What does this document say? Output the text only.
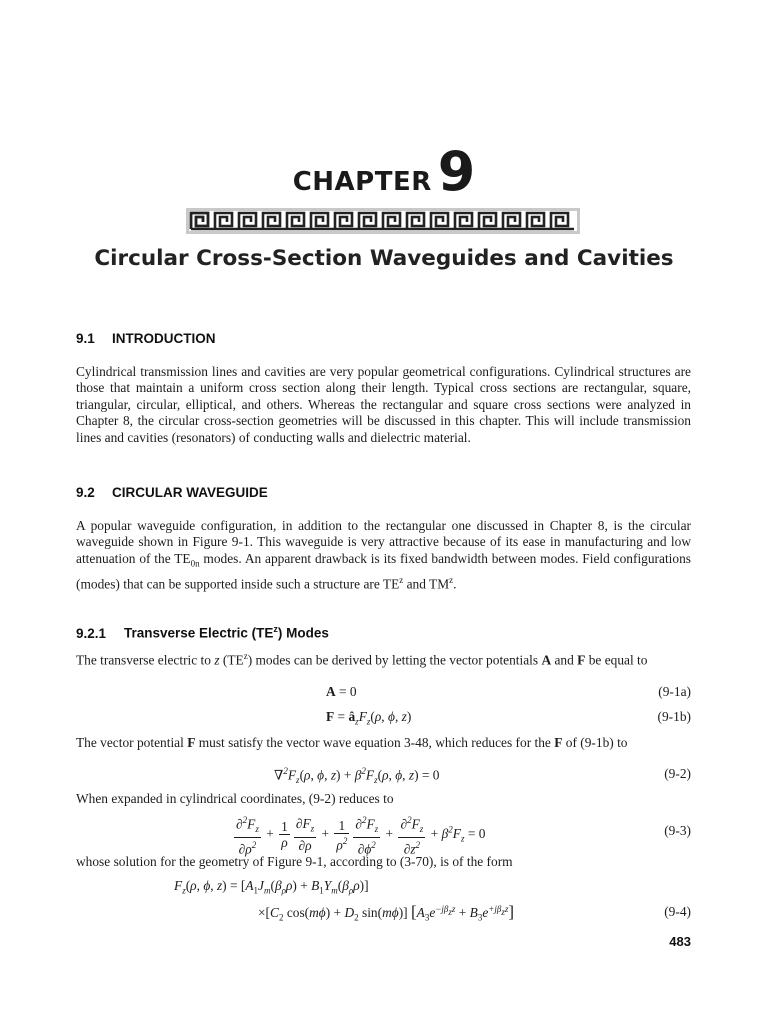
CHAPTER 9
Circular Cross-Section Waveguides and Cavities
9.1 INTRODUCTION
Cylindrical transmission lines and cavities are very popular geometrical configurations. Cylindrical structures are those that maintain a uniform cross section along their length. Typical cross sections are rectangular, square, triangular, circular, elliptical, and others. Whereas the rectangular and square cross sections were analyzed in Chapter 8, the circular cross-section geometries will be discussed in this chapter. This will include transmission lines and cavities (resonators) of conducting walls and dielectric material.
9.2 CIRCULAR WAVEGUIDE
A popular waveguide configuration, in addition to the rectangular one discussed in Chapter 8, is the circular waveguide shown in Figure 9-1. This waveguide is very attractive because of its ease in manufacturing and low attenuation of the $TE_{0n}$ modes. An apparent drawback is its fixed bandwidth between modes. Field configurations (modes) that can be supported inside such a structure are $TE^z$ and $TM^z$.
9.2.1 Transverse Electric $(TE^z)$ Modes
The transverse electric to z $(TE^z)$ modes can be derived by letting the vector potentials A and F be equal to
A = 0	(9-1a)
$F = â_zF_z(\rho$, ϕ, z)	(9-1b)
The vector potential F must satisfy the vector wave equation 3-48, which reduces for the F of (9-1b) to
$\nabla^2F_z(\rho$, ϕ, $z) + \beta^2F_z(\rho$, ϕ, z) = 0	(9-2)
When expanded in cylindrical coordinates, (9-2) reduces to
$\frac{\partial^2F_z}{\partial\rho^2} + \frac{1}{\rho} \frac{\partial F_z}{\partial\rho} + \frac{1}{\rho^2} \frac{\partial^2F_z}{\partial\phi^2} + \frac{\partial^2F_z}{\partial z^2} + \beta^2F_z = 0$	(9-3)
whose solution for the geometry of Figure 9-1, according to (3-70), is of the form
$F_z(\rho$, ϕ, $z) = [A_1J_m(\beta_\rho\rho) + B_1Y_m(\beta_\rho\rho)]$
$\times[C_2$ $\cos(m\phi) + D_2$ sin(mϕ)] $[A_3e^{-j\beta_zz} + B_3e^{+j\beta_zz}]$	(9-4)
483
